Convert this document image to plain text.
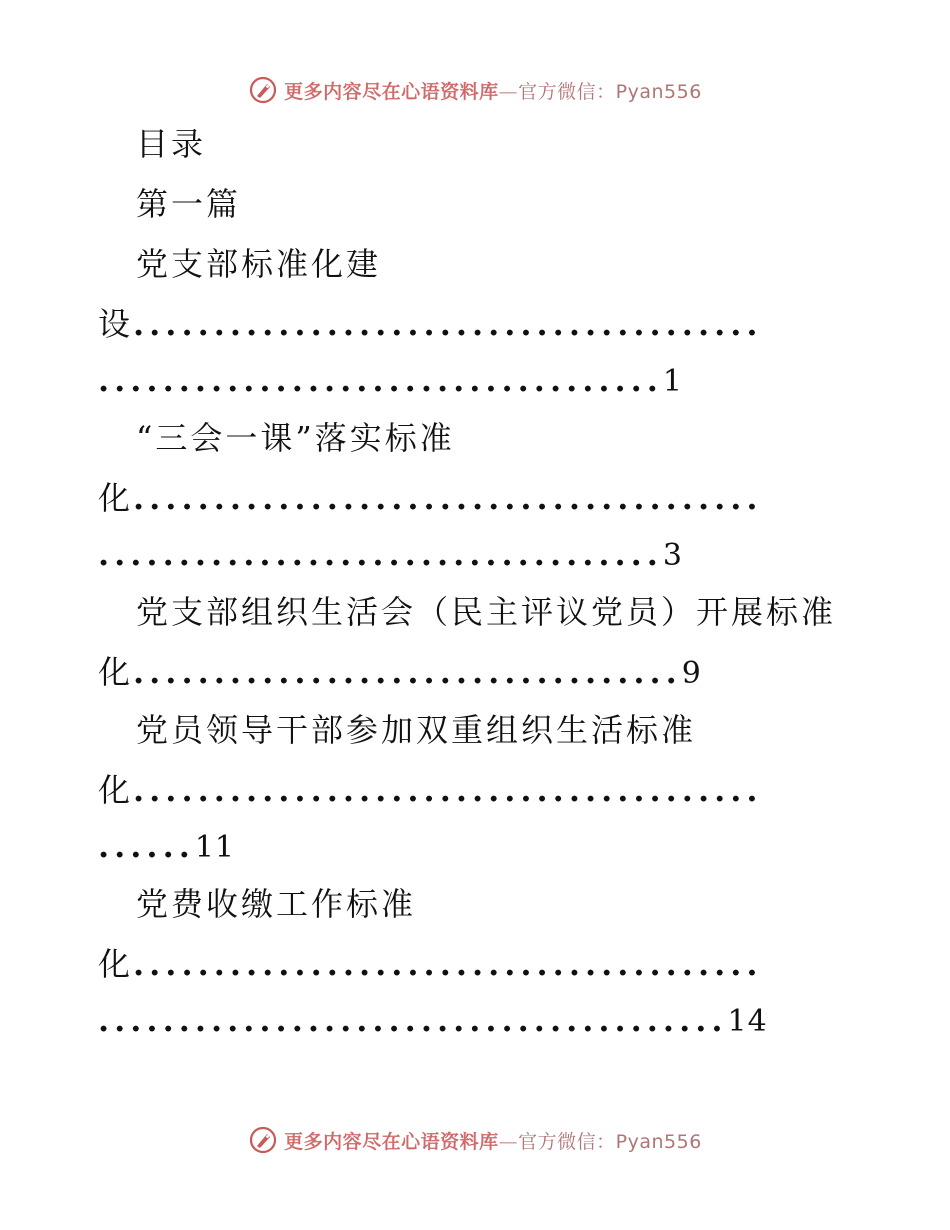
更多内容尽在心语资料库—官方微信：Pyan556
目录
第一篇
党支部标准化建
设.......................................
...................................1
“三会一课”落实标准
化.......................................
...................................3
党支部组织生活会（民主评议党员）开展标准
化..................................9
党员领导干部参加双重组织生活标准
化.......................................
......11
党费收缴工作标准
化.......................................
.......................................14
更多内容尽在心语资料库—官方微信：Pyan556
